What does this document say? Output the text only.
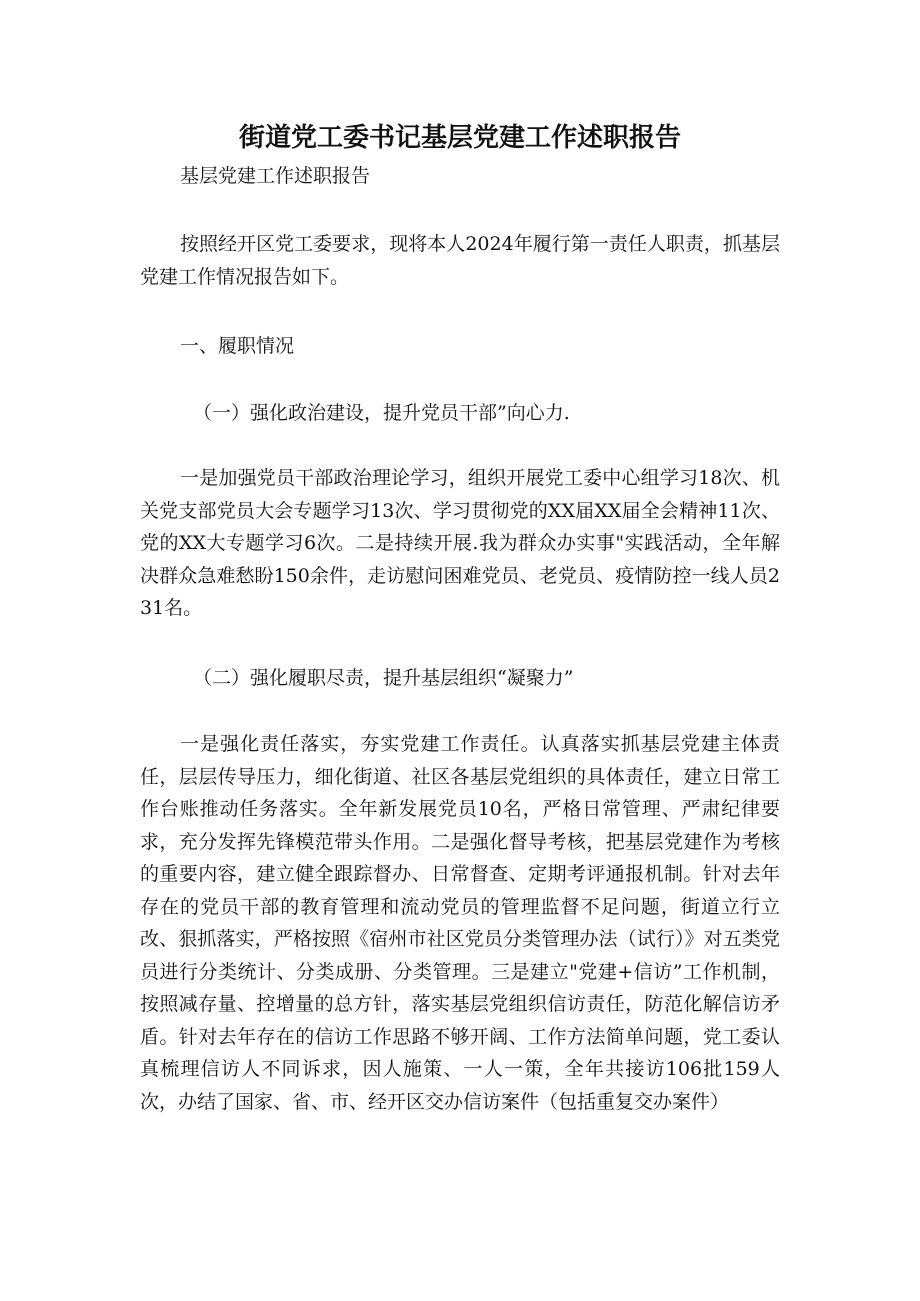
街道党工委书记基层党建工作述职报告

基层党建工作述职报告

按照经开区党工委要求，现将本人2024年履行第一责任人职责，抓基层党建工作情况报告如下。

一、履职情况

（一）强化政治建设，提升党员干部”向心力.

一是加强党员干部政治理论学习，组织开展党工委中心组学习18次、机关党支部党员大会专题学习13次、学习贯彻党的XX届XX届全会精神11次、党的XX大专题学习6次。二是持续开展.我为群众办实事"实践活动，全年解决群众急难愁盼150余件，走访慰问困难党员、老党员、疫情防控一线人员231名。

（二）强化履职尽责，提升基层组织“凝聚力”

一是强化责任落实，夯实党建工作责任。认真落实抓基层党建主体责任，层层传导压力，细化街道、社区各基层党组织的具体责任，建立日常工作台账推动任务落实。全年新发展党员10名，严格日常管理、严肃纪律要求，充分发挥先锋模范带头作用。二是强化督导考核，把基层党建作为考核的重要内容，建立健全跟踪督办、日常督查、定期考评通报机制。针对去年存在的党员干部的教育管理和流动党员的管理监督不足问题，街道立行立改、狠抓落实，严格按照《宿州市社区党员分类管理办法（试行）》对五类党员进行分类统计、分类成册、分类管理。三是建立"党建+信访”工作机制，按照减存量、控增量的总方针，落实基层党组织信访责任，防范化解信访矛盾。针对去年存在的信访工作思路不够开阔、工作方法简单问题，党工委认真梳理信访人不同诉求，因人施策、一人一策，全年共接访106批159人次，办结了国家、省、市、经开区交办信访案件（包括重复交办案件）
